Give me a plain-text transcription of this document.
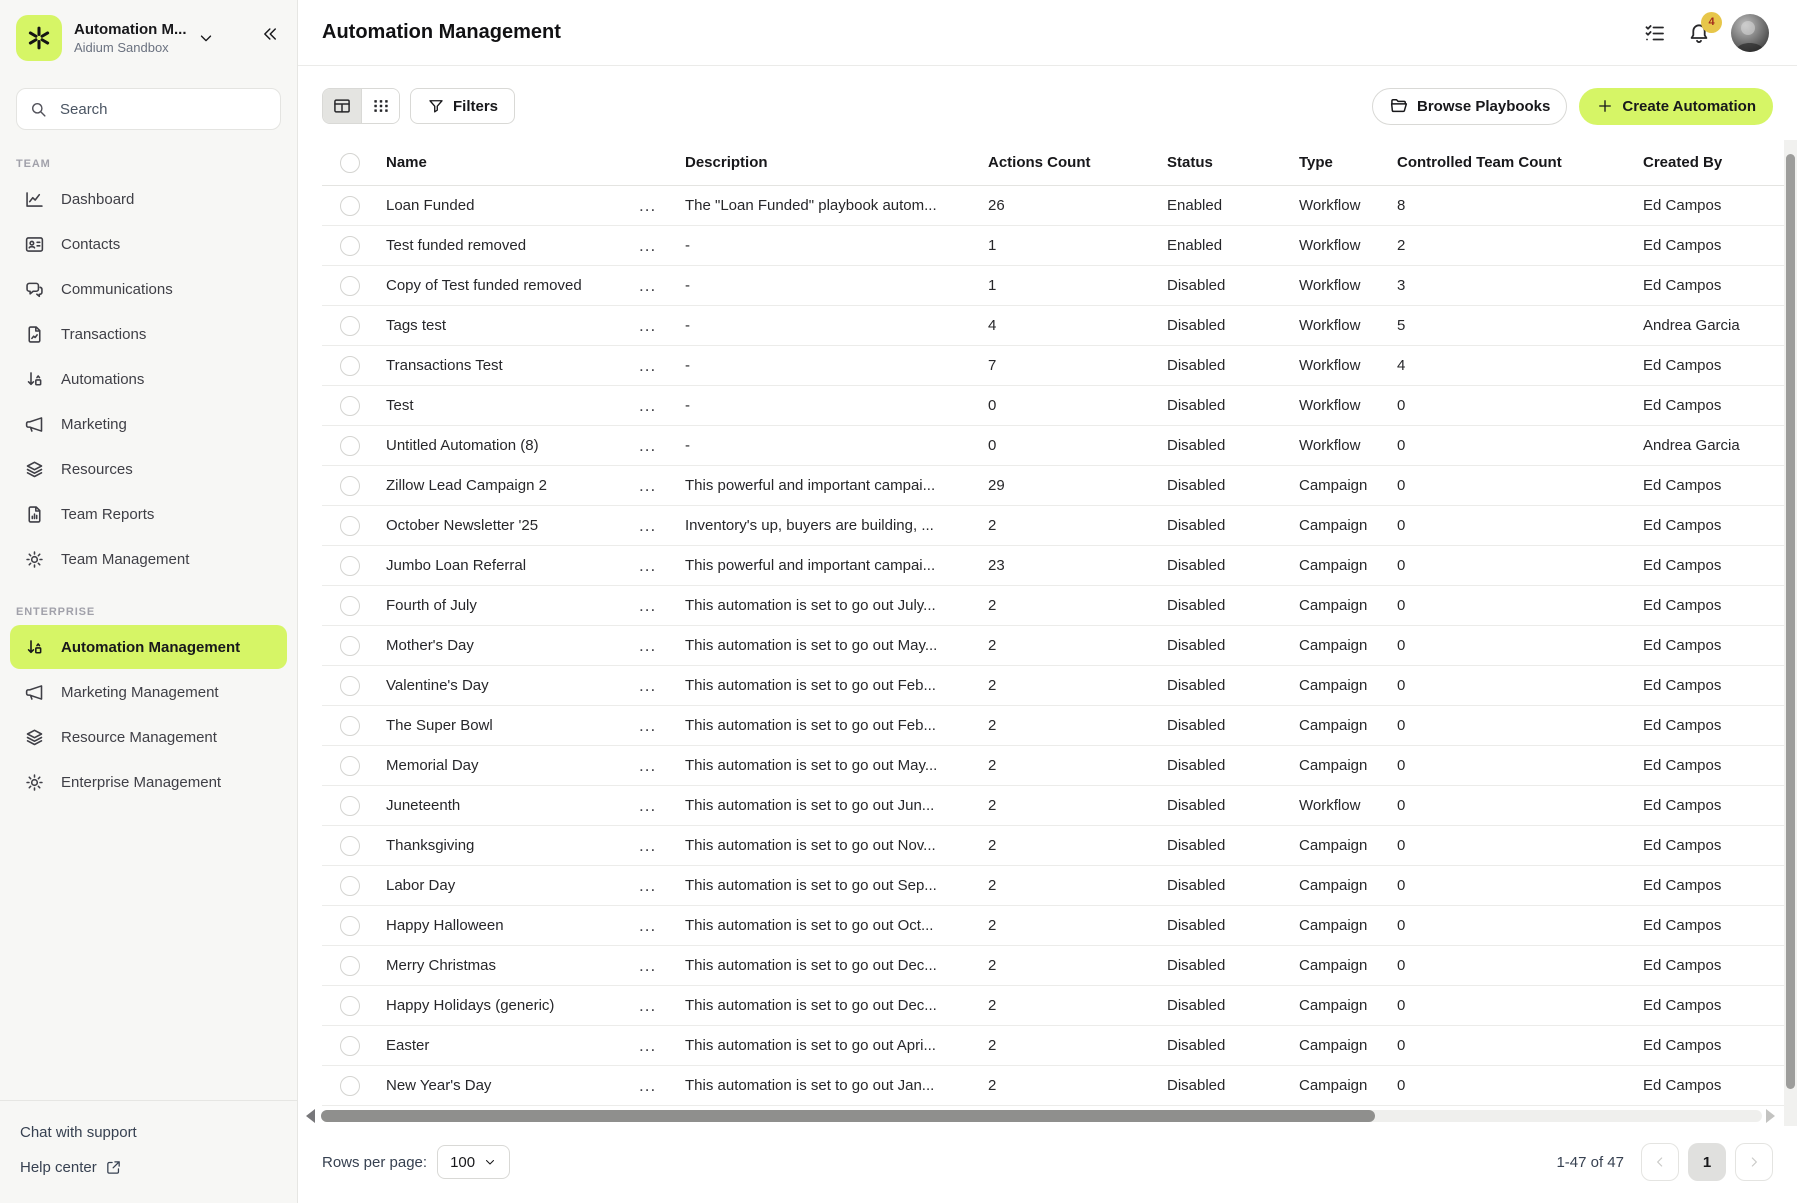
Automation M...
Aidium Sandbox
Search
TEAM
Dashboard
Contacts
Communications
Transactions
Automations
Marketing
Resources
Team Reports
Team Management
ENTERPRISE
Automation Management
Marketing Management
Resource Management
Enterprise Management
Chat with support
Help center
Automation Management	4
Filters	Browse Playbooks	Create Automation
Name	Description	Actions Count	Status	Type	Controlled Team Count	Created By
Loan Funded	...	The "Loan Funded" playbook autom...	26	Enabled	Workflow	8	Ed Campos
Test funded removed	...	-	1	Enabled	Workflow	2	Ed Campos
Copy of Test funded removed	...	-	1	Disabled	Workflow	3	Ed Campos
Tags test	...	-	4	Disabled	Workflow	5	Andrea Garcia
Transactions Test	...	-	7	Disabled	Workflow	4	Ed Campos
Test	...	-	0	Disabled	Workflow	0	Ed Campos
Untitled Automation (8)	...	-	0	Disabled	Workflow	0	Andrea Garcia
Zillow Lead Campaign 2	...	This powerful and important campai...	29	Disabled	Campaign	0	Ed Campos
October Newsletter '25	...	Inventory's up, buyers are building, ...	2	Disabled	Campaign	0	Ed Campos
Jumbo Loan Referral	...	This powerful and important campai...	23	Disabled	Campaign	0	Ed Campos
Fourth of July	...	This automation is set to go out July...	2	Disabled	Campaign	0	Ed Campos
Mother's Day	...	This automation is set to go out May...	2	Disabled	Campaign	0	Ed Campos
Valentine's Day	...	This automation is set to go out Feb...	2	Disabled	Campaign	0	Ed Campos
The Super Bowl	...	This automation is set to go out Feb...	2	Disabled	Campaign	0	Ed Campos
Memorial Day	...	This automation is set to go out May...	2	Disabled	Campaign	0	Ed Campos
Juneteenth	...	This automation is set to go out Jun...	2	Disabled	Workflow	0	Ed Campos
Thanksgiving	...	This automation is set to go out Nov...	2	Disabled	Campaign	0	Ed Campos
Labor Day	...	This automation is set to go out Sep...	2	Disabled	Campaign	0	Ed Campos
Happy Halloween	...	This automation is set to go out Oct...	2	Disabled	Campaign	0	Ed Campos
Merry Christmas	...	This automation is set to go out Dec...	2	Disabled	Campaign	0	Ed Campos
Happy Holidays (generic)	...	This automation is set to go out Dec...	2	Disabled	Campaign	0	Ed Campos
Easter	...	This automation is set to go out Apri...	2	Disabled	Campaign	0	Ed Campos
New Year's Day	...	This automation is set to go out Jan...	2	Disabled	Campaign	0	Ed Campos
Rows per page: 100	1-47 of 47	1
